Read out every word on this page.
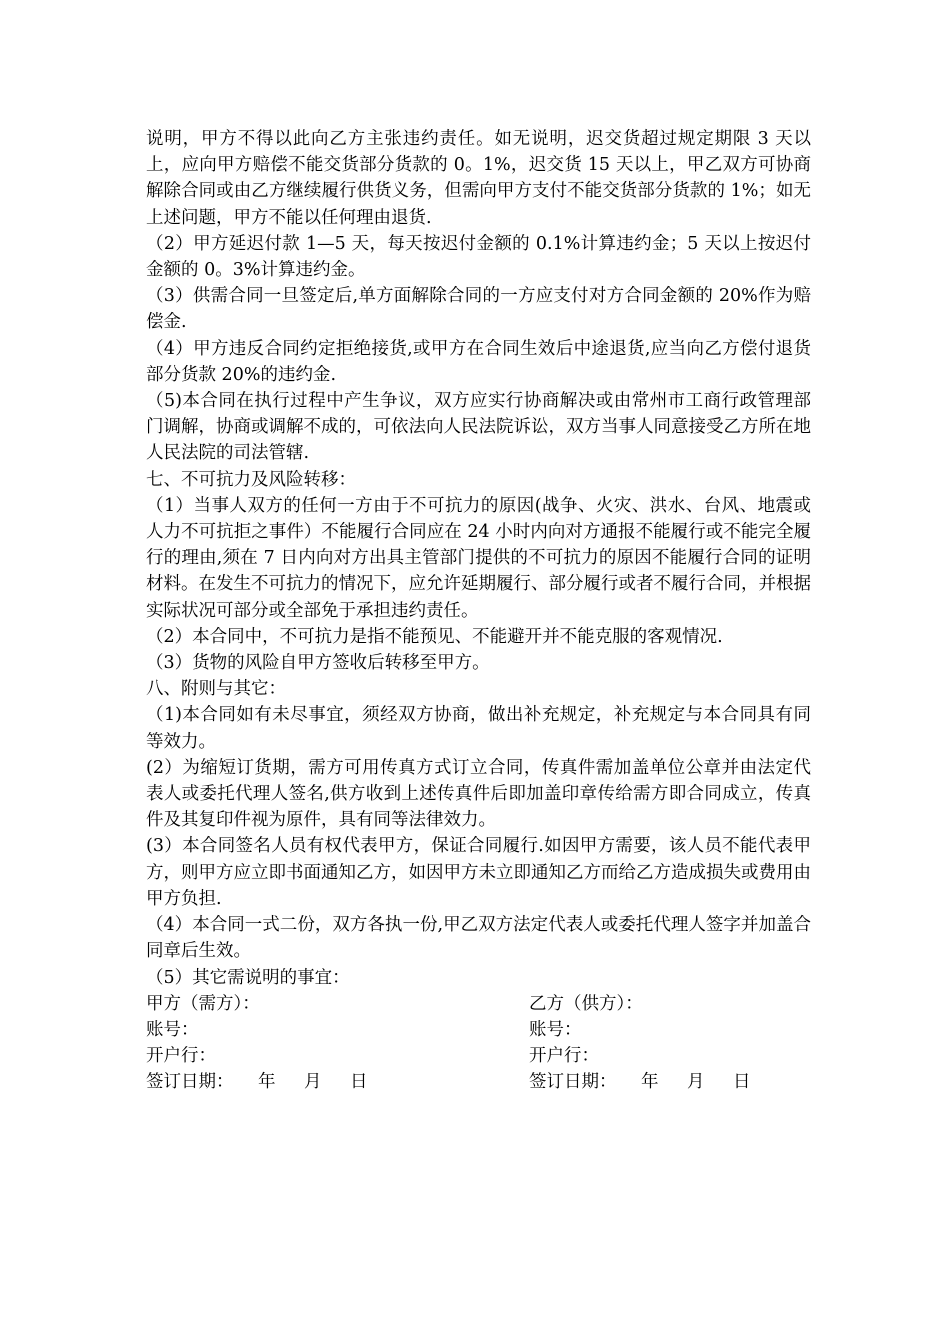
说明，甲方不得以此向乙方主张违约责任。如无说明，迟交货超过规定期限 3 天以上，应向甲方赔偿不能交货部分货款的 0。1%，迟交货 15 天以上，甲乙双方可协商解除合同或由乙方继续履行供货义务，但需向甲方支付不能交货部分货款的 1%；如无上述问题，甲方不能以任何理由退货.

（2）甲方延迟付款 1—5 天，每天按迟付金额的 0.1%计算违约金；5 天以上按迟付金额的 0。3%计算违约金。

（3）供需合同一旦签定后,单方面解除合同的一方应支付对方合同金额的 20%作为赔偿金.

（4）甲方违反合同约定拒绝接货,或甲方在合同生效后中途退货,应当向乙方偿付退货部分货款 20%的违约金.

（5)本合同在执行过程中产生争议，双方应实行协商解决或由常州市工商行政管理部门调解，协商或调解不成的，可依法向人民法院诉讼，双方当事人同意接受乙方所在地人民法院的司法管辖.

七、不可抗力及风险转移：

（1）当事人双方的任何一方由于不可抗力的原因(战争、火灾、洪水、台风、地震或人力不可抗拒之事件）不能履行合同应在 24 小时内向对方通报不能履行或不能完全履行的理由,须在 7 日内向对方出具主管部门提供的不可抗力的原因不能履行合同的证明材料。在发生不可抗力的情况下，应允许延期履行、部分履行或者不履行合同，并根据实际状况可部分或全部免于承担违约责任。

（2）本合同中，不可抗力是指不能预见、不能避开并不能克服的客观情况.

（3）货物的风险自甲方签收后转移至甲方。

八、附则与其它：

（1)本合同如有未尽事宜，须经双方协商，做出补充规定，补充规定与本合同具有同等效力。

(2）为缩短订货期，需方可用传真方式订立合同，传真件需加盖单位公章并由法定代表人或委托代理人签名,供方收到上述传真件后即加盖印章传给需方即合同成立，传真件及其复印件视为原件，具有同等法律效力。

(3）本合同签名人员有权代表甲方，保证合同履行.如因甲方需要，该人员不能代表甲方，则甲方应立即书面通知乙方，如因甲方未立即通知乙方而给乙方造成损失或费用由甲方负担.

（4）本合同一式二份，双方各执一份,甲乙双方法定代表人或委托代理人签字并加盖合同章后生效。

（5）其它需说明的事宜：

甲方（需方）：	乙方（供方）：
账号：	账号：
开户行：	开户行：
签订日期： 年 月 日	签订日期： 年 月 日
